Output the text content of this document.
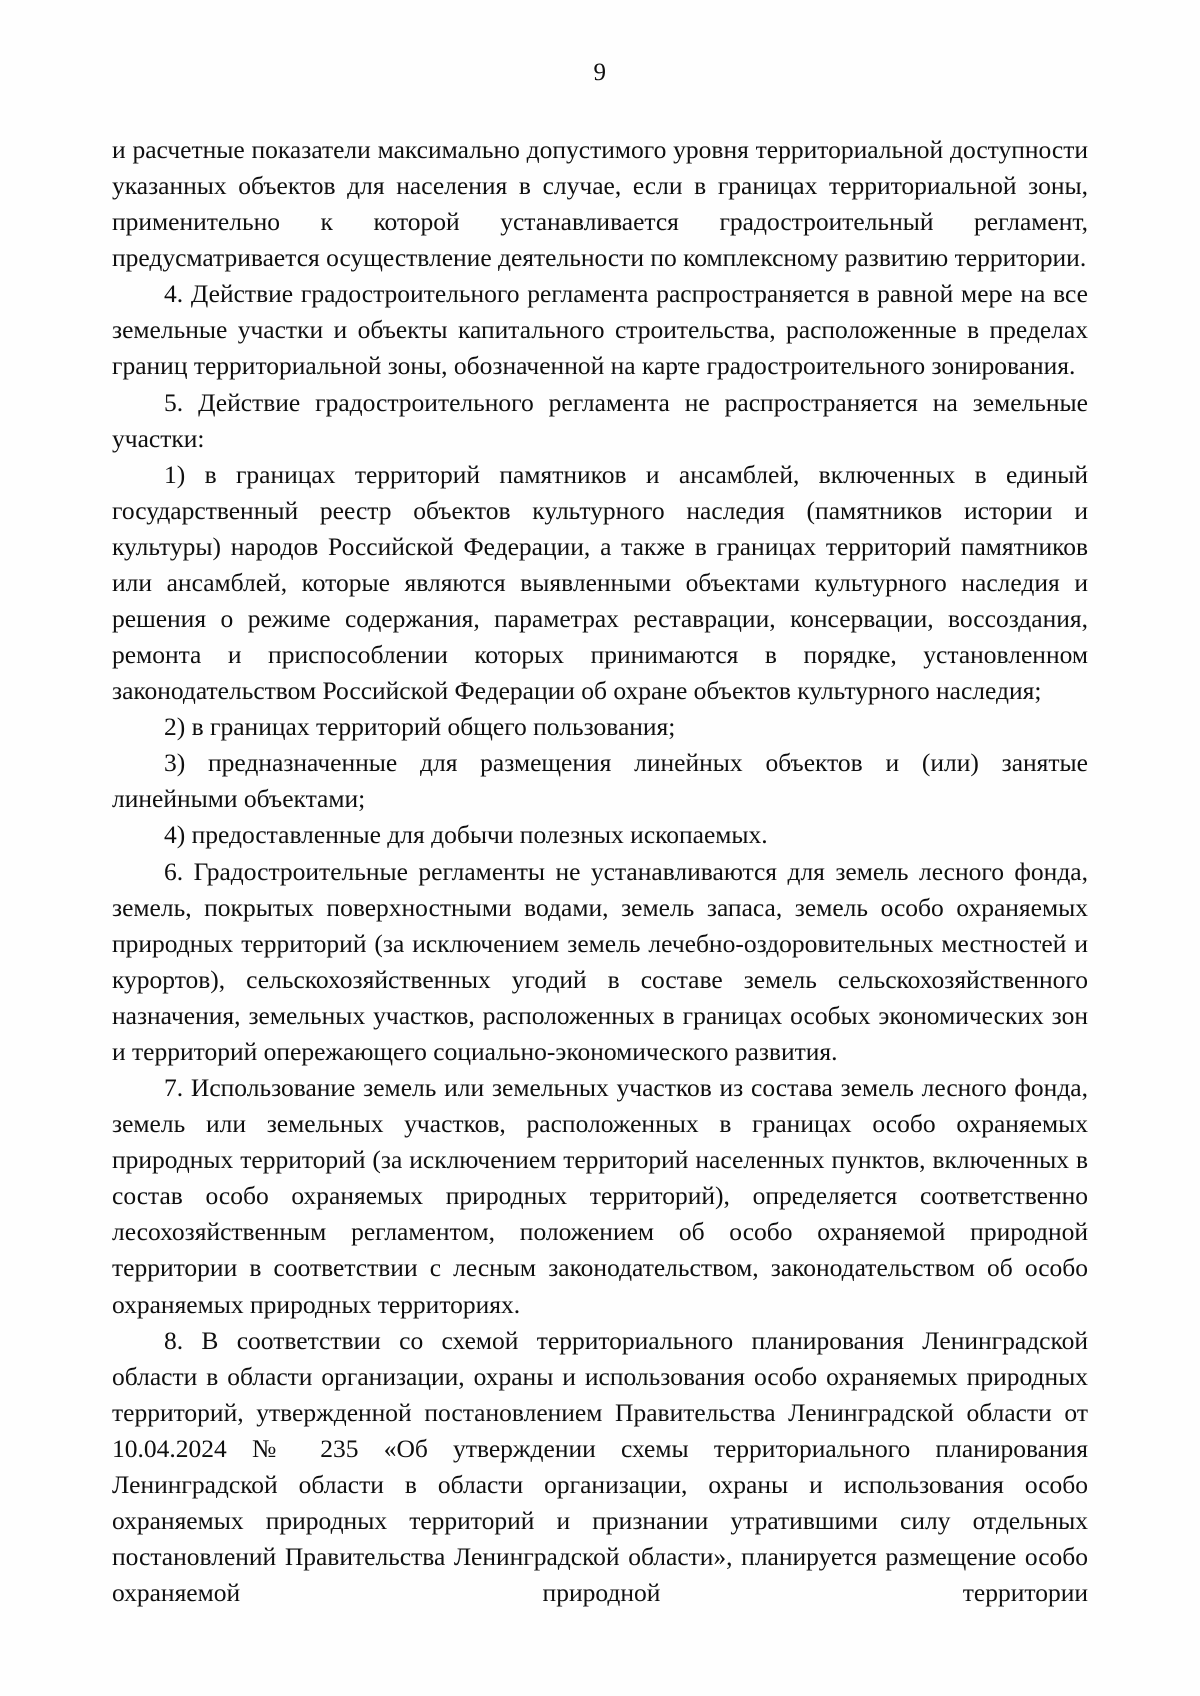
9

и расчетные показатели максимально допустимого уровня территориальной доступности указанных объектов для населения в случае, если в границах территориальной зоны, применительно к которой устанавливается градостроительный регламент, предусматривается осуществление деятельности по комплексному развитию территории.

4. Действие градостроительного регламента распространяется в равной мере на все земельные участки и объекты капитального строительства, расположенные в пределах границ территориальной зоны, обозначенной на карте градостроительного зонирования.

5. Действие градостроительного регламента не распространяется на земельные участки:

1) в границах территорий памятников и ансамблей, включенных в единый государственный реестр объектов культурного наследия (памятников истории и культуры) народов Российской Федерации, а также в границах территорий памятников или ансамблей, которые являются выявленными объектами культурного наследия и решения о режиме содержания, параметрах реставрации, консервации, воссоздания, ремонта и приспособлении которых принимаются в порядке, установленном законодательством Российской Федерации об охране объектов культурного наследия;

2) в границах территорий общего пользования;

3) предназначенные для размещения линейных объектов и (или) занятые линейными объектами;

4) предоставленные для добычи полезных ископаемых.

6. Градостроительные регламенты не устанавливаются для земель лесного фонда, земель, покрытых поверхностными водами, земель запаса, земель особо охраняемых природных территорий (за исключением земель лечебно-оздоровительных местностей и курортов), сельскохозяйственных угодий в составе земель сельскохозяйственного назначения, земельных участков, расположенных в границах особых экономических зон и территорий опережающего социально-экономического развития.

7. Использование земель или земельных участков из состава земель лесного фонда, земель или земельных участков, расположенных в границах особо охраняемых природных территорий (за исключением территорий населенных пунктов, включенных в состав особо охраняемых природных территорий), определяется соответственно лесохозяйственным регламентом, положением об особо охраняемой природной территории в соответствии с лесным законодательством, законодательством об особо охраняемых природных территориях.

8. В соответствии со схемой территориального планирования Ленинградской области в области организации, охраны и использования особо охраняемых природных территорий, утвержденной постановлением Правительства Ленинградской области от 10.04.2024 № 235 «Об утверждении схемы территориального планирования Ленинградской области в области организации, охраны и использования особо охраняемых природных территорий и признании утратившими силу отдельных постановлений Правительства Ленинградской области», планируется размещение особо охраняемой природной территории
